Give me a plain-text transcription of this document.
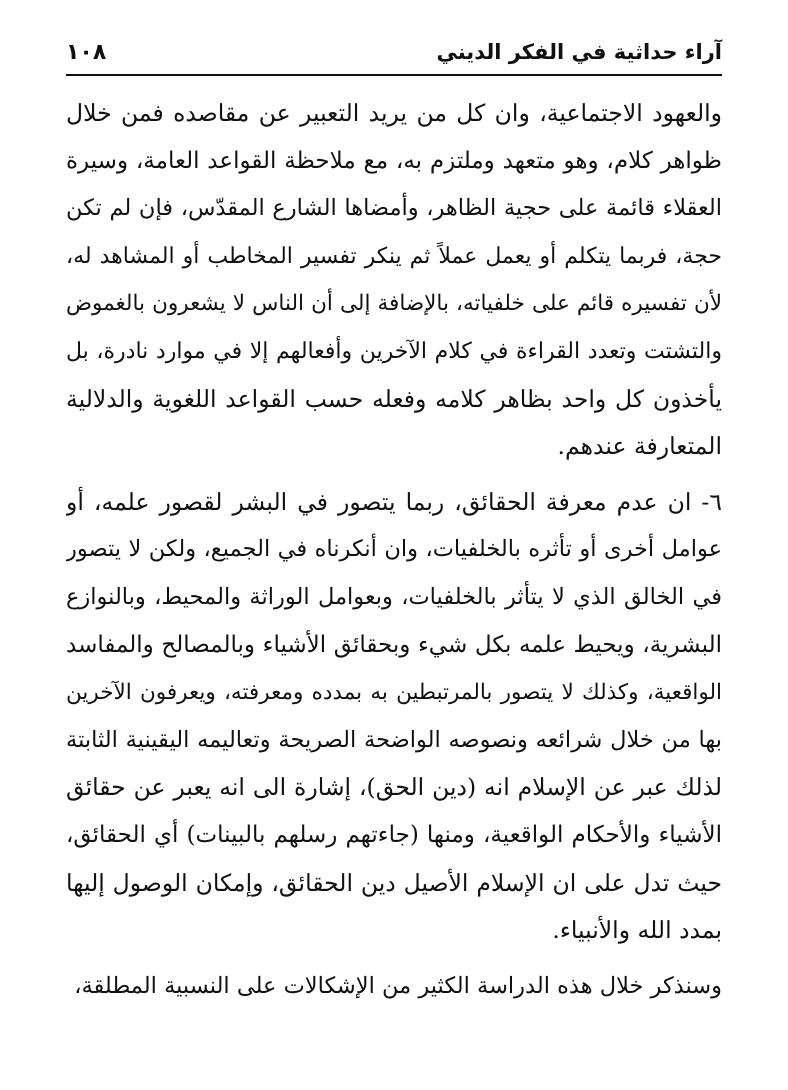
آراء حداثية في الفكر الديني
١٠٨
والعهود الاجتماعية، وان كل من يريد التعبير عن مقاصده فمن خلال
ظواهر كلام، وهو متعهد وملتزم به، مع ملاحظة القواعد العامة، وسيرة
العقلاء قائمة على حجية الظاهر، وأمضاها الشارع المقدّس، فإن لم تكن
حجة، فربما يتكلم أو يعمل عملاً ثم ينكر تفسير المخاطب أو المشاهد له،
لأن تفسيره قائم على خلفياته، بالإضافة إلى أن الناس لا يشعرون بالغموض
والتشتت وتعدد القراءة في كلام الآخرين وأفعالهم إلا في موارد نادرة، بل
يأخذون كل واحد بظاهر كلامه وفعله حسب القواعد اللغوية والدلالية
المتعارفة عندهم.
٦- ان عدم معرفة الحقائق، ربما يتصور في البشر لقصور علمه، أو
عوامل أخرى أو تأثره بالخلفيات، وان أنكرناه في الجميع، ولكن لا يتصور
في الخالق الذي لا يتأثر بالخلفيات، وبعوامل الوراثة والمحيط، وبالنوازع
البشرية، ويحيط علمه بكل شيء وبحقائق الأشياء وبالمصالح والمفاسد
الواقعية، وكذلك لا يتصور بالمرتبطين به بمدده ومعرفته، ويعرفون الآخرين
بها من خلال شرائعه ونصوصه الواضحة الصريحة وتعاليمه اليقينية الثابتة
لذلك عبر عن الإسلام انه (دين الحق)، إشارة الى انه يعبر عن حقائق
الأشياء والأحكام الواقعية، ومنها (جاءتهم رسلهم بالبينات) أي الحقائق،
حيث تدل على ان الإسلام الأصيل دين الحقائق، وإمكان الوصول إليها
بمدد الله والأنبياء.
وسنذكر خلال هذه الدراسة الكثير من الإشكالات على النسبية المطلقة،
